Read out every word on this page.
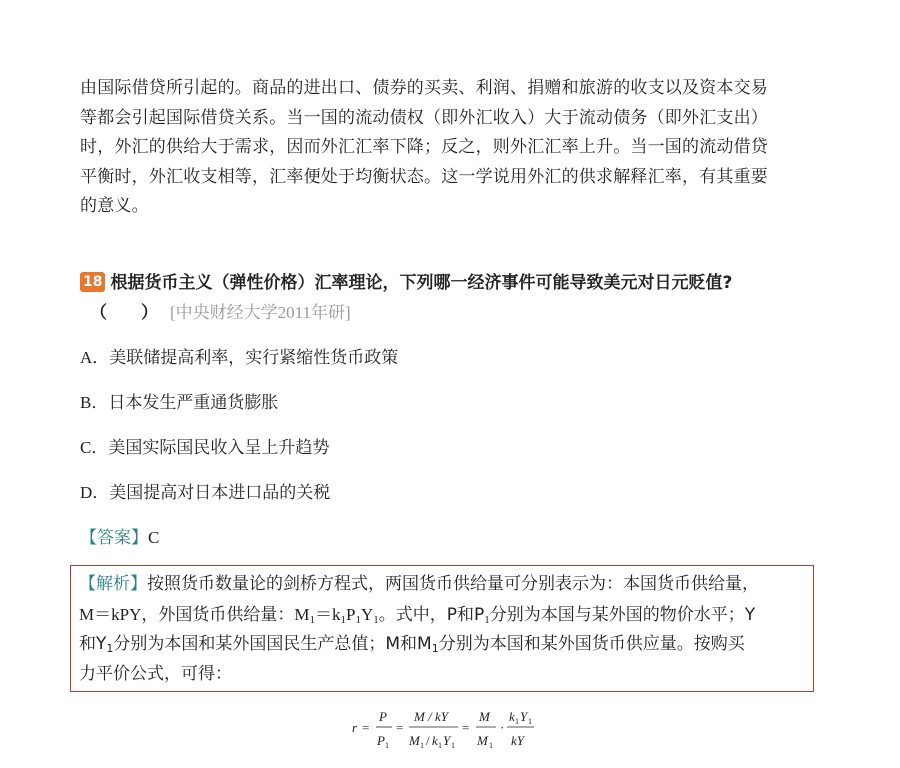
由国际借贷所引起的。商品的进出口、债券的买卖、利润、捐赠和旅游的收支以及资本交易
等都会引起国际借贷关系。当一国的流动债权（即外汇收入）大于流动债务（即外汇支出）
时，外汇的供给大于需求，因而外汇汇率下降；反之，则外汇汇率上升。当一国的流动借贷
平衡时，外汇收支相等，汇率便处于均衡状态。这一学说用外汇的供求解释汇率，有其重要
的意义。
18 根据货币主义（弹性价格）汇率理论，下列哪一经济事件可能导致美元对日元贬值?
（　　） [中央财经大学2011年研]
A．美联储提高利率，实行紧缩性货币政策
B．日本发生严重通货膨胀
C．美国实际国民收入呈上升趋势
D．美国提高对日本进口品的关税
【答案】C
【解析】按照货币数量论的剑桥方程式，两国货币供给量可分别表示为：本国货币供给量，
M＝kPY，外国货币供给量：$M_1=k_1P_1Y_1$。式中，P和$P_1$分别为本国与某外国的物价水平；Y
和$Y_1$分别为本国和某外国国民生产总值；M和$M_1$分别为本国和某外国货币供应量。按购买
力平价公式，可得：
r =
P
P 1
=
M / kY
M 1 / k 1 Y 1
=
M
M 1
·
k 1 Y 1
kY
